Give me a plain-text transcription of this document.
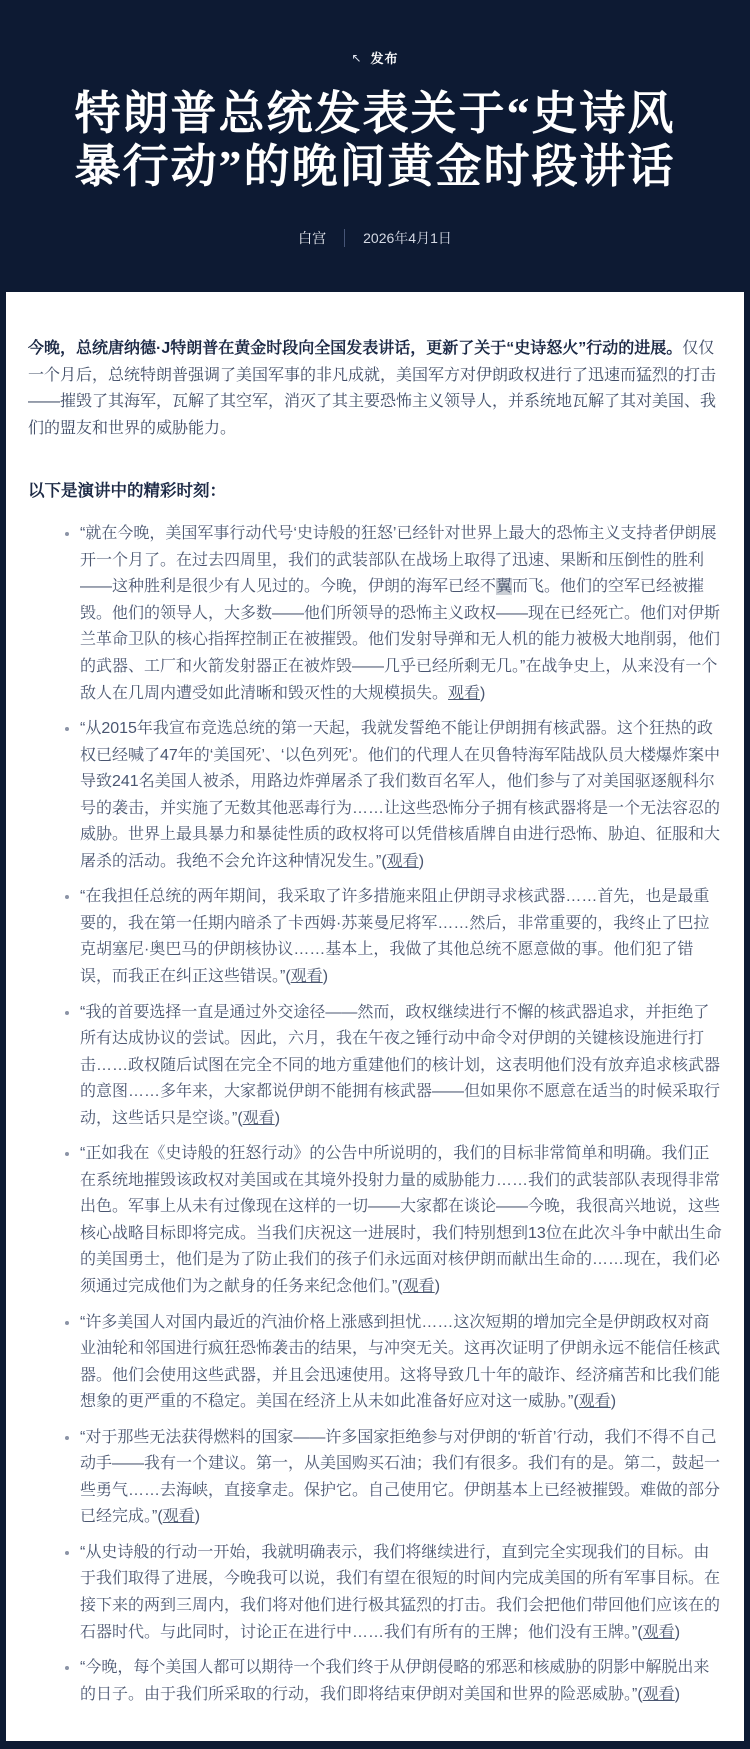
↖ 发布
特朗普总统发表关于“史诗风
暴行动”的晚间黄金时段讲话
白宫	2026年4月1日

今晚，总统唐纳德·J特朗普在黄金时段向全国发表讲话，更新了关于“史诗怒火”行动的进展。仅仅一个月后，总统特朗普强调了美国军事的非凡成就，美国军方对伊朗政权进行了迅速而猛烈的打击——摧毁了其海军，瓦解了其空军，消灭了其主要恐怖主义领导人，并系统地瓦解了其对美国、我们的盟友和世界的威胁能力。

以下是演讲中的精彩时刻：
• “就在今晚，美国军事行动代号‘史诗般的狂怒’已经针对世界上最大的恐怖主义支持者伊朗展开一个月了。在过去四周里，我们的武装部队在战场上取得了迅速、果断和压倒性的胜利——这种胜利是很少有人见过的。今晚，伊朗的海军已经不翼而飞。他们的空军已经被摧毁。他们的领导人，大多数——他们所领导的恐怖主义政权——现在已经死亡。他们对伊斯兰革命卫队的核心指挥控制正在被摧毁。他们发射导弹和无人机的能力被极大地削弱，他们的武器、工厂和火箭发射器正在被炸毁——几乎已经所剩无几。”在战争史上，从来没有一个敌人在几周内遭受如此清晰和毁灭性的大规模损失。观看)
• “从2015年我宣布竞选总统的第一天起，我就发誓绝不能让伊朗拥有核武器。这个狂热的政权已经喊了47年的‘美国死’、‘以色列死’。他们的代理人在贝鲁特海军陆战队员大楼爆炸案中导致241名美国人被杀，用路边炸弹屠杀了我们数百名军人，他们参与了对美国驱逐舰科尔号的袭击，并实施了无数其他恶毒行为……让这些恐怖分子拥有核武器将是一个无法容忍的威胁。世界上最具暴力和暴徒性质的政权将可以凭借核盾牌自由进行恐怖、胁迫、征服和大屠杀的活动。我绝不会允许这种情况发生。”(观看)
• “在我担任总统的两年期间，我采取了许多措施来阻止伊朗寻求核武器……首先，也是最重要的，我在第一任期内暗杀了卡西姆·苏莱曼尼将军……然后，非常重要的，我终止了巴拉克胡塞尼·奥巴马的伊朗核协议……基本上，我做了其他总统不愿意做的事。他们犯了错误，而我正在纠正这些错误。”(观看)
• “我的首要选择一直是通过外交途径——然而，政权继续进行不懈的核武器追求，并拒绝了所有达成协议的尝试。因此，六月，我在午夜之锤行动中命令对伊朗的关键核设施进行打击……政权随后试图在完全不同的地方重建他们的核计划，这表明他们没有放弃追求核武器的意图……多年来，大家都说伊朗不能拥有核武器——但如果你不愿意在适当的时候采取行动，这些话只是空谈。”(观看)
• “正如我在《史诗般的狂怒行动》的公告中所说明的，我们的目标非常简单和明确。我们正在系统地摧毁该政权对美国或在其境外投射力量的威胁能力……我们的武装部队表现得非常出色。军事上从未有过像现在这样的一切——大家都在谈论——今晚，我很高兴地说，这些核心战略目标即将完成。当我们庆祝这一进展时，我们特别想到13位在此次斗争中献出生命的美国勇士，他们是为了防止我们的孩子们永远面对核伊朗而献出生命的……现在，我们必须通过完成他们为之献身的任务来纪念他们。”(观看)
• “许多美国人对国内最近的汽油价格上涨感到担忧……这次短期的增加完全是伊朗政权对商业油轮和邻国进行疯狂恐怖袭击的结果，与冲突无关。这再次证明了伊朗永远不能信任核武器。他们会使用这些武器，并且会迅速使用。这将导致几十年的敲诈、经济痛苦和比我们能想象的更严重的不稳定。美国在经济上从未如此准备好应对这一威胁。”(观看)
• “对于那些无法获得燃料的国家——许多国家拒绝参与对伊朗的‘斩首’行动，我们不得不自己动手——我有一个建议。第一，从美国购买石油；我们有很多。我们有的是。第二，鼓起一些勇气……去海峡，直接拿走。保护它。自己使用它。伊朗基本上已经被摧毁。难做的部分已经完成。”(观看)
• “从史诗般的行动一开始，我就明确表示，我们将继续进行，直到完全实现我们的目标。由于我们取得了进展，今晚我可以说，我们有望在很短的时间内完成美国的所有军事目标。在接下来的两到三周内，我们将对他们进行极其猛烈的打击。我们会把他们带回他们应该在的石器时代。与此同时，讨论正在进行中……我们有所有的王牌；他们没有王牌。”(观看)
• “今晚，每个美国人都可以期待一个我们终于从伊朗侵略的邪恶和核威胁的阴影中解脱出来的日子。由于我们所采取的行动，我们即将结束伊朗对美国和世界的险恶威胁。”(观看)
